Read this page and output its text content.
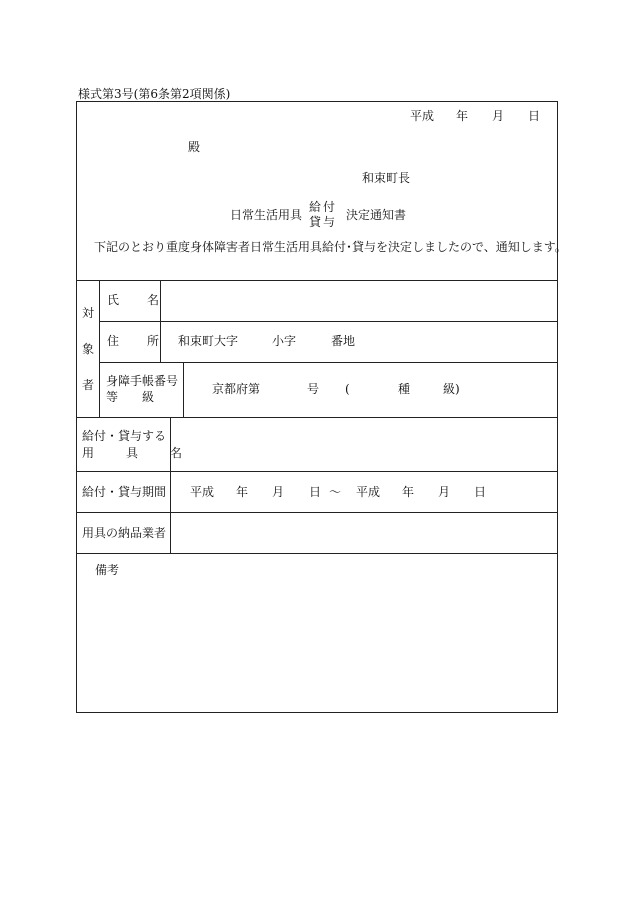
様式第3号(第6条第2項関係)
平成 年 月 日
殿
和束町長
日常生活用具
給付
貸与 決定通知書
下記のとおり重度身体障害者日常生活用具給付･貸与を決定しましたので、通知します。
対
象
者
氏　名
住　所 和束町大字	小字	番地
身障手帳番号
等　　級
京都府第	号 (	種	級)
給付・貸与する
用　具　名
給付・貸与期間 平成 年 月 日 〜 平成 年 月 日
用具の納品業者
備考
